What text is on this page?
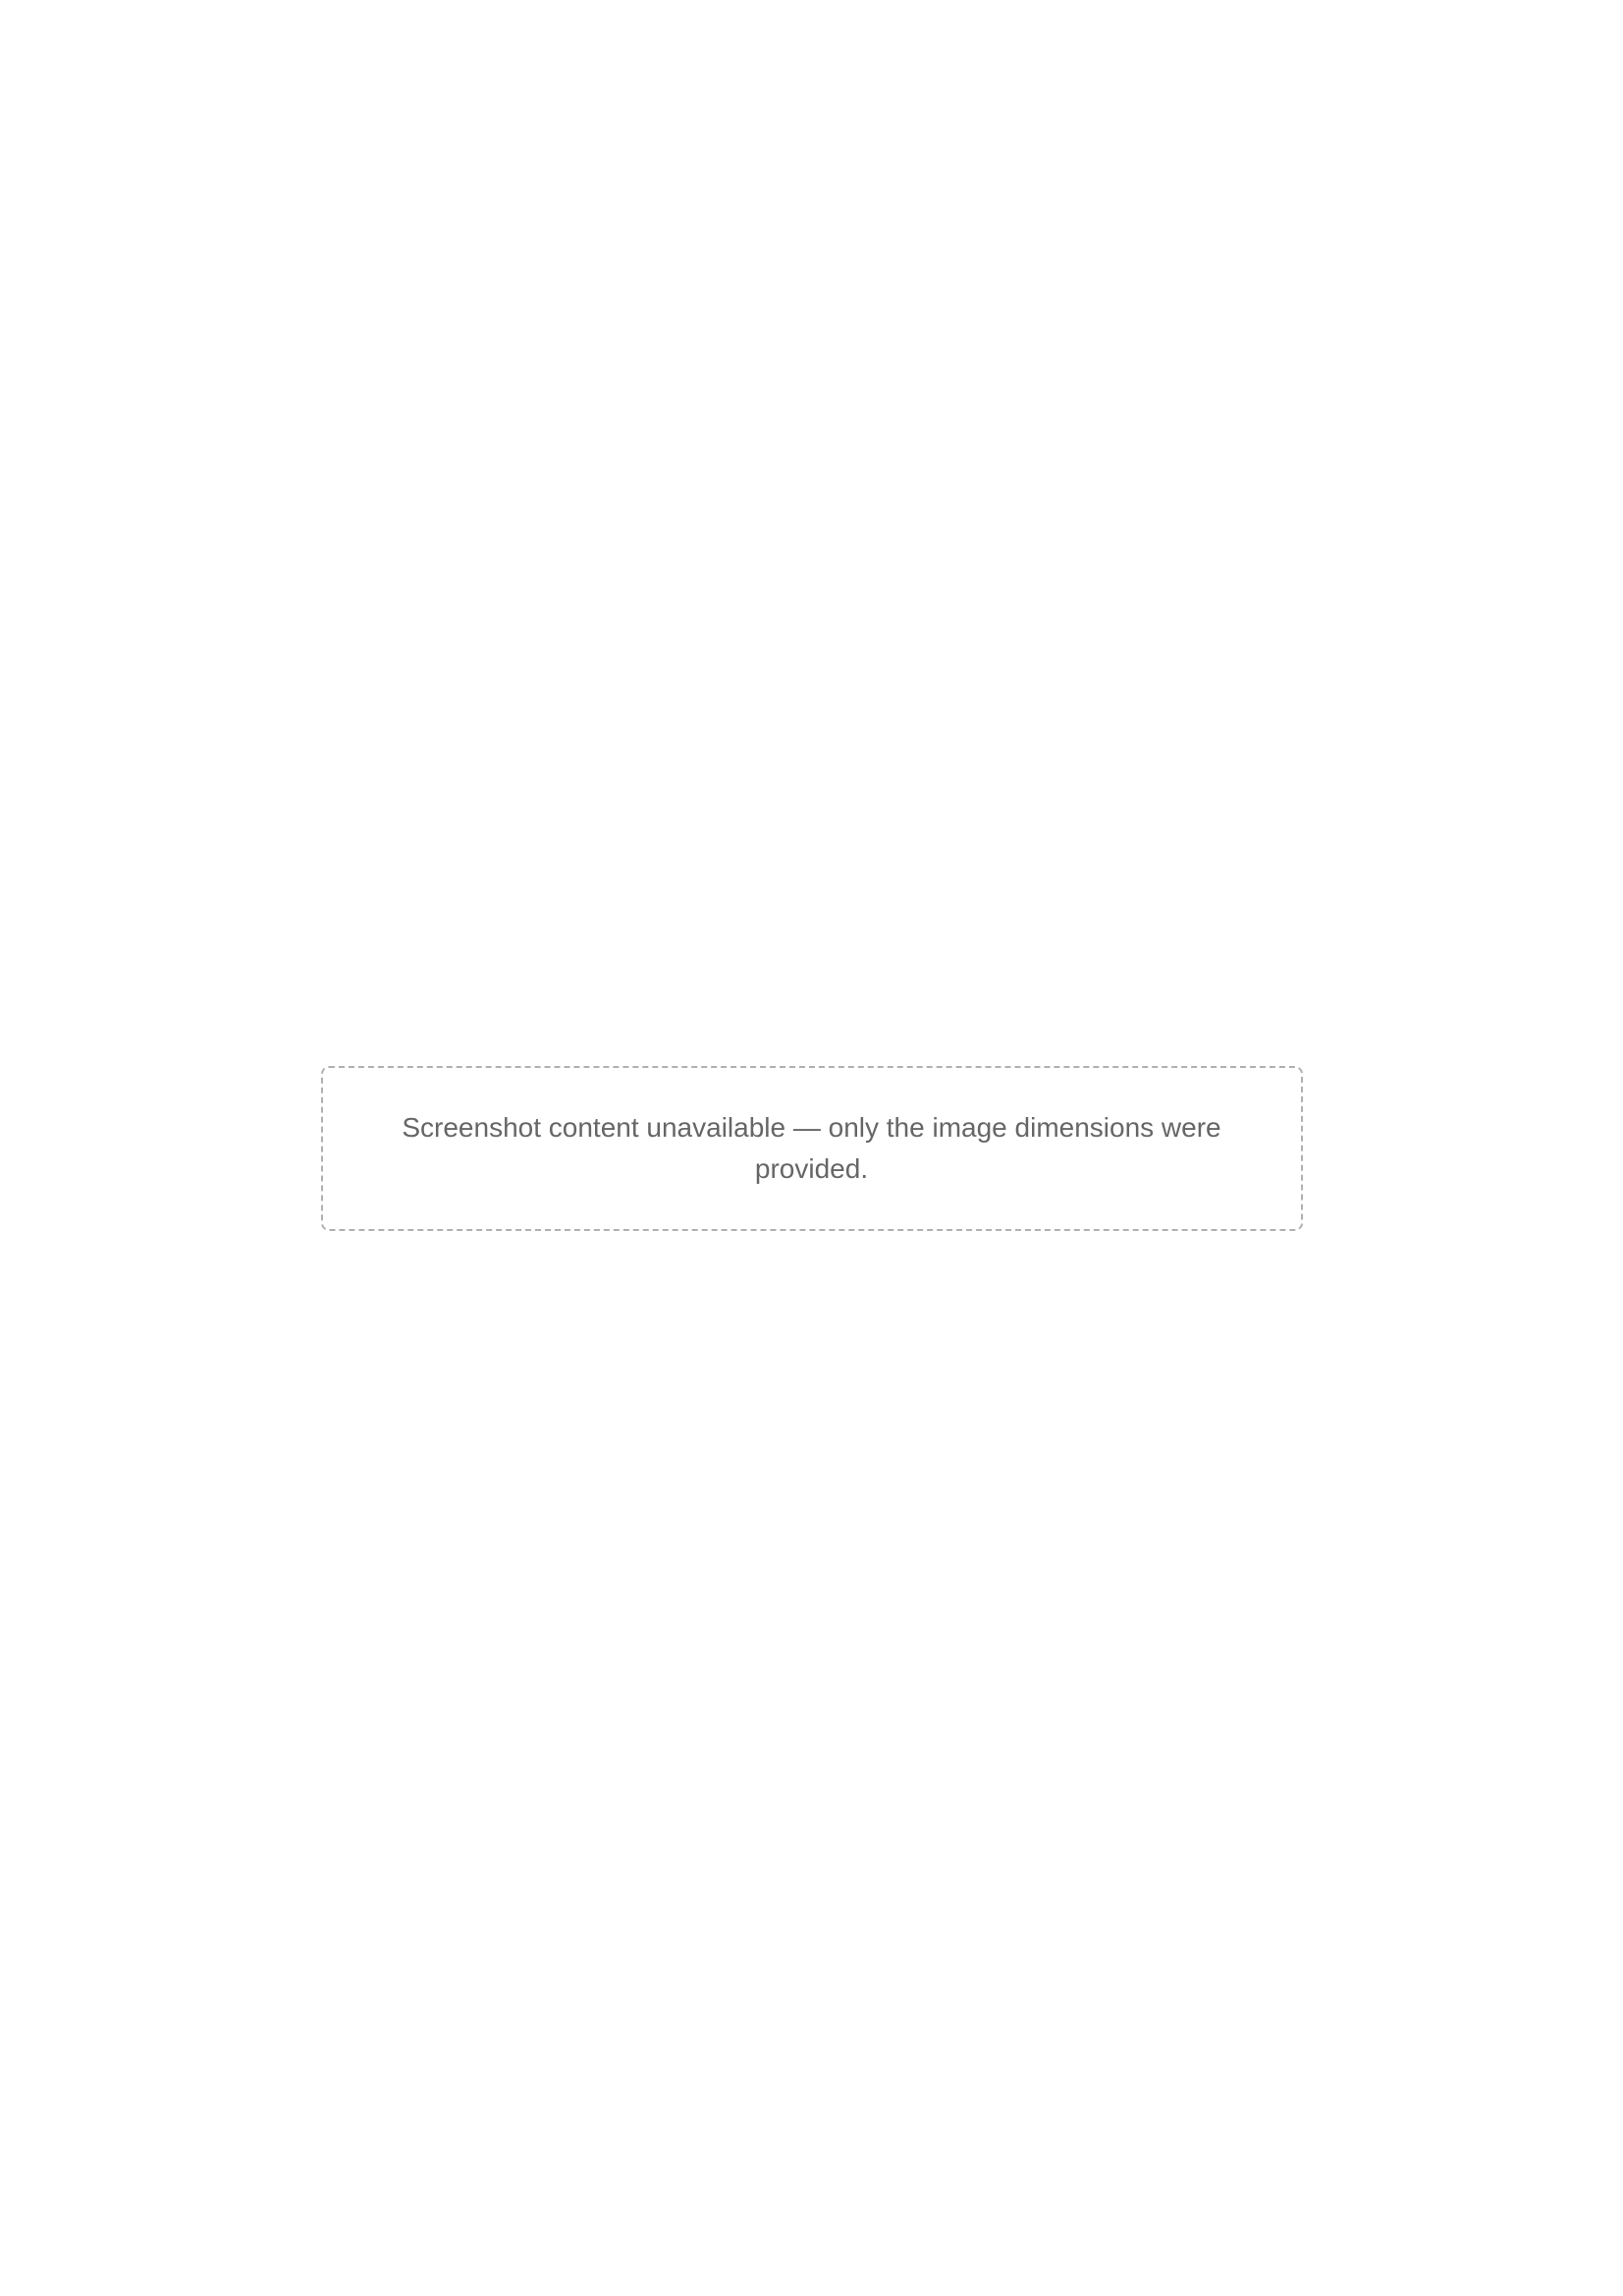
Screenshot content unavailable — only the image dimensions were provided.
